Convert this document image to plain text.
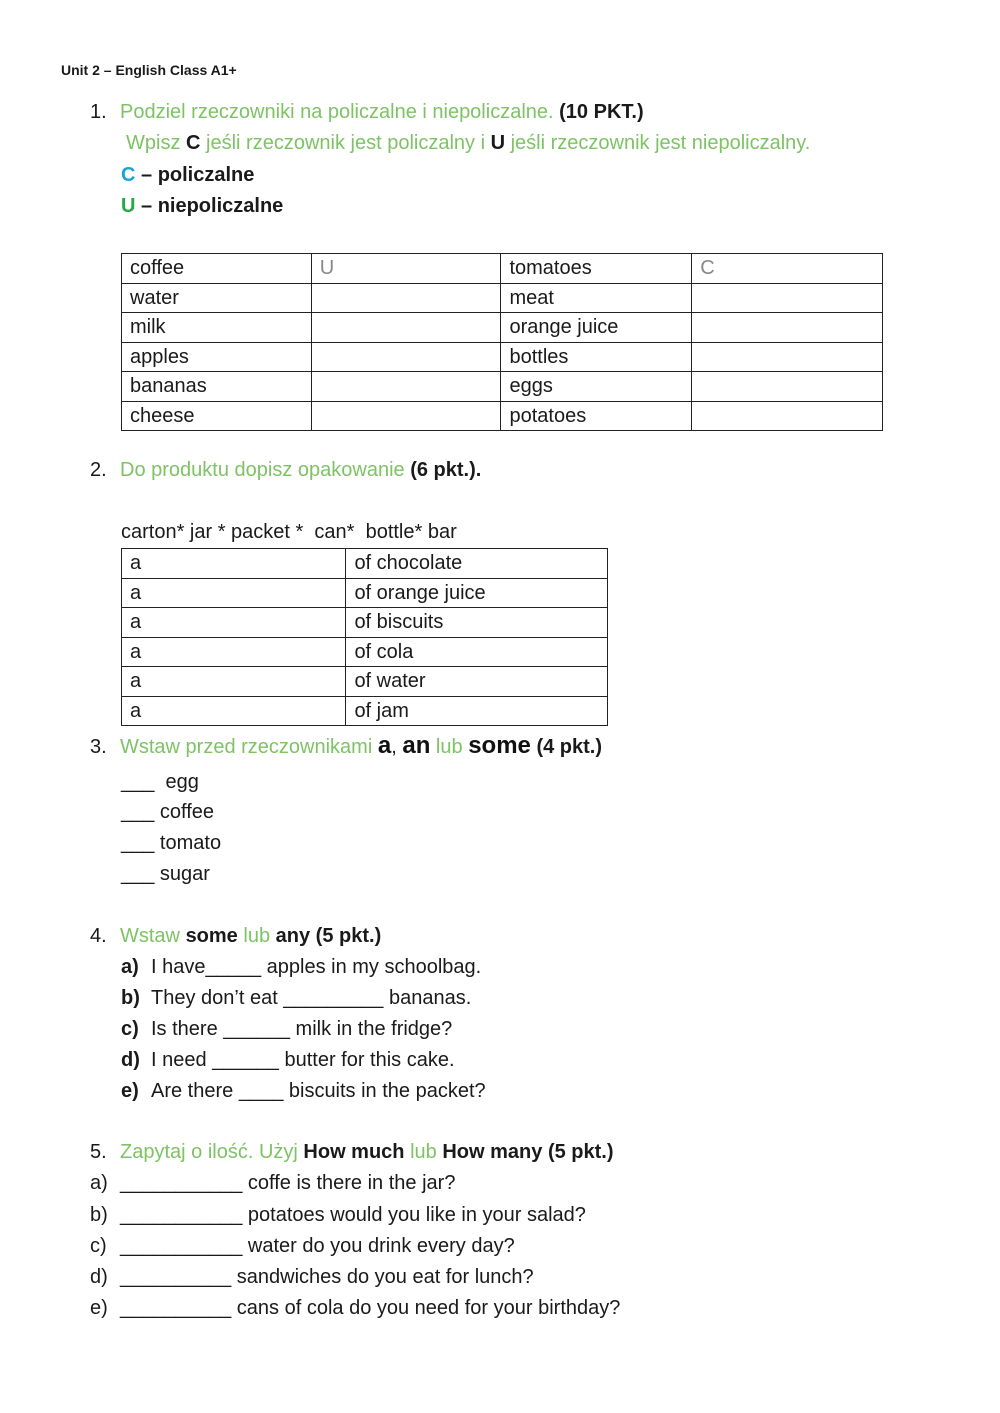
Unit 2 – English Class A1+
1. Podziel rzeczowniki na policzalne i niepoliczalne. (10 PKT.)
Wpisz C jeśli rzeczownik jest policzalny i U jeśli rzeczownik jest niepoliczalny.
C – policzalne
U – niepoliczalne
coffee	U	tomatoes	C
water		meat	
milk		orange juice	
apples		bottles	
bananas		eggs	
cheese		potatoes	
2. Do produktu dopisz opakowanie (6 pkt.).
carton* jar * packet *  can*  bottle* bar
a	of chocolate
a	of orange juice
a	of biscuits
a	of cola
a	of water
a	of jam
3. Wstaw przed rzeczownikami a, an lub some (4 pkt.)
___  egg
___ coffee
___ tomato
___ sugar
4. Wstaw some lub any (5 pkt.)
a) I have_____ apples in my schoolbag.
b) They don’t eat _________ bananas.
c) Is there ______ milk in the fridge?
d) I need ______ butter for this cake.
e) Are there ____ biscuits in the packet?
5. Zapytaj o ilość. Użyj How much lub How many (5 pkt.)
a) ___________ coffe is there in the jar?
b) ___________ potatoes would you like in your salad?
c) ___________ water do you drink every day?
d) __________ sandwiches do you eat for lunch?
e) __________ cans of cola do you need for your birthday?
